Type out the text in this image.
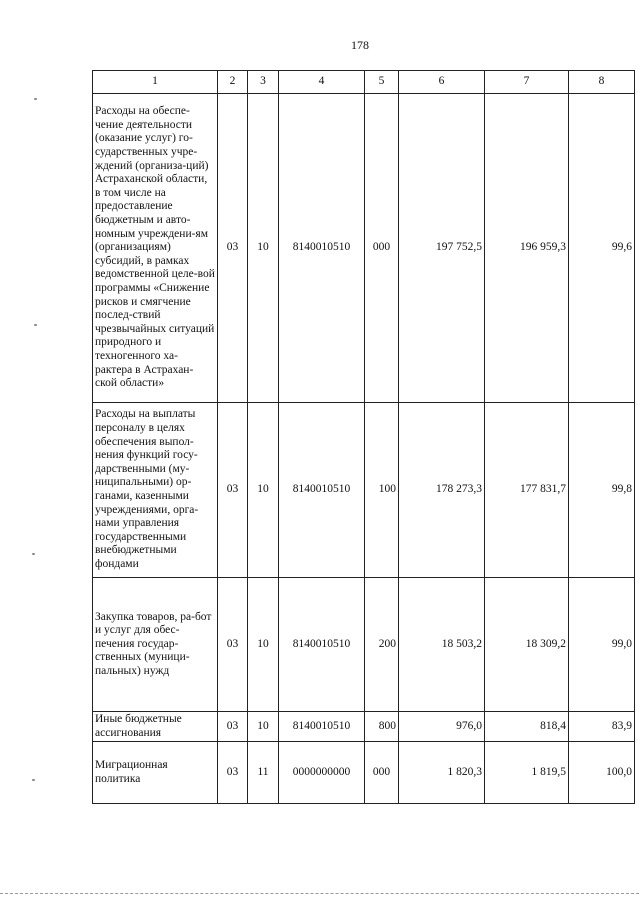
178
1	2	3	4	5	6	7	8
Расходы на обеспе-чение деятельности (оказание услуг) го-сударственных учре-ждений (организа-ций) Астраханской области, в том числе на предоставление бюджетным и авто-номным учреждени-ям (организациям) субсидий, в рамках ведомственной целе-вой программы «Снижение рисков и смягчение послед-ствий чрезвычайных ситуаций природного и техногенного ха-рактера в Астрахан-ской области»	03	10	8140010510	000	197 752,5	196 959,3	99,6
Расходы на выплаты персоналу в целях обеспечения выпол-нения функций госу-дарственными (му-ниципальными) ор-ганами, казенными учреждениями, орга-нами управления государственными внебюджетными фондами	03	10	8140010510	100	178 273,3	177 831,7	99,8
Закупка товаров, ра-бот и услуг для обес-печения государ-ственных (муници-пальных) нужд	03	10	8140010510	200	18 503,2	18 309,2	99,0
Иные бюджетные ассигнования	03	10	8140010510	800	976,0	818,4	83,9
Миграционная политика	03	11	0000000000	000	1 820,3	1 819,5	100,0
